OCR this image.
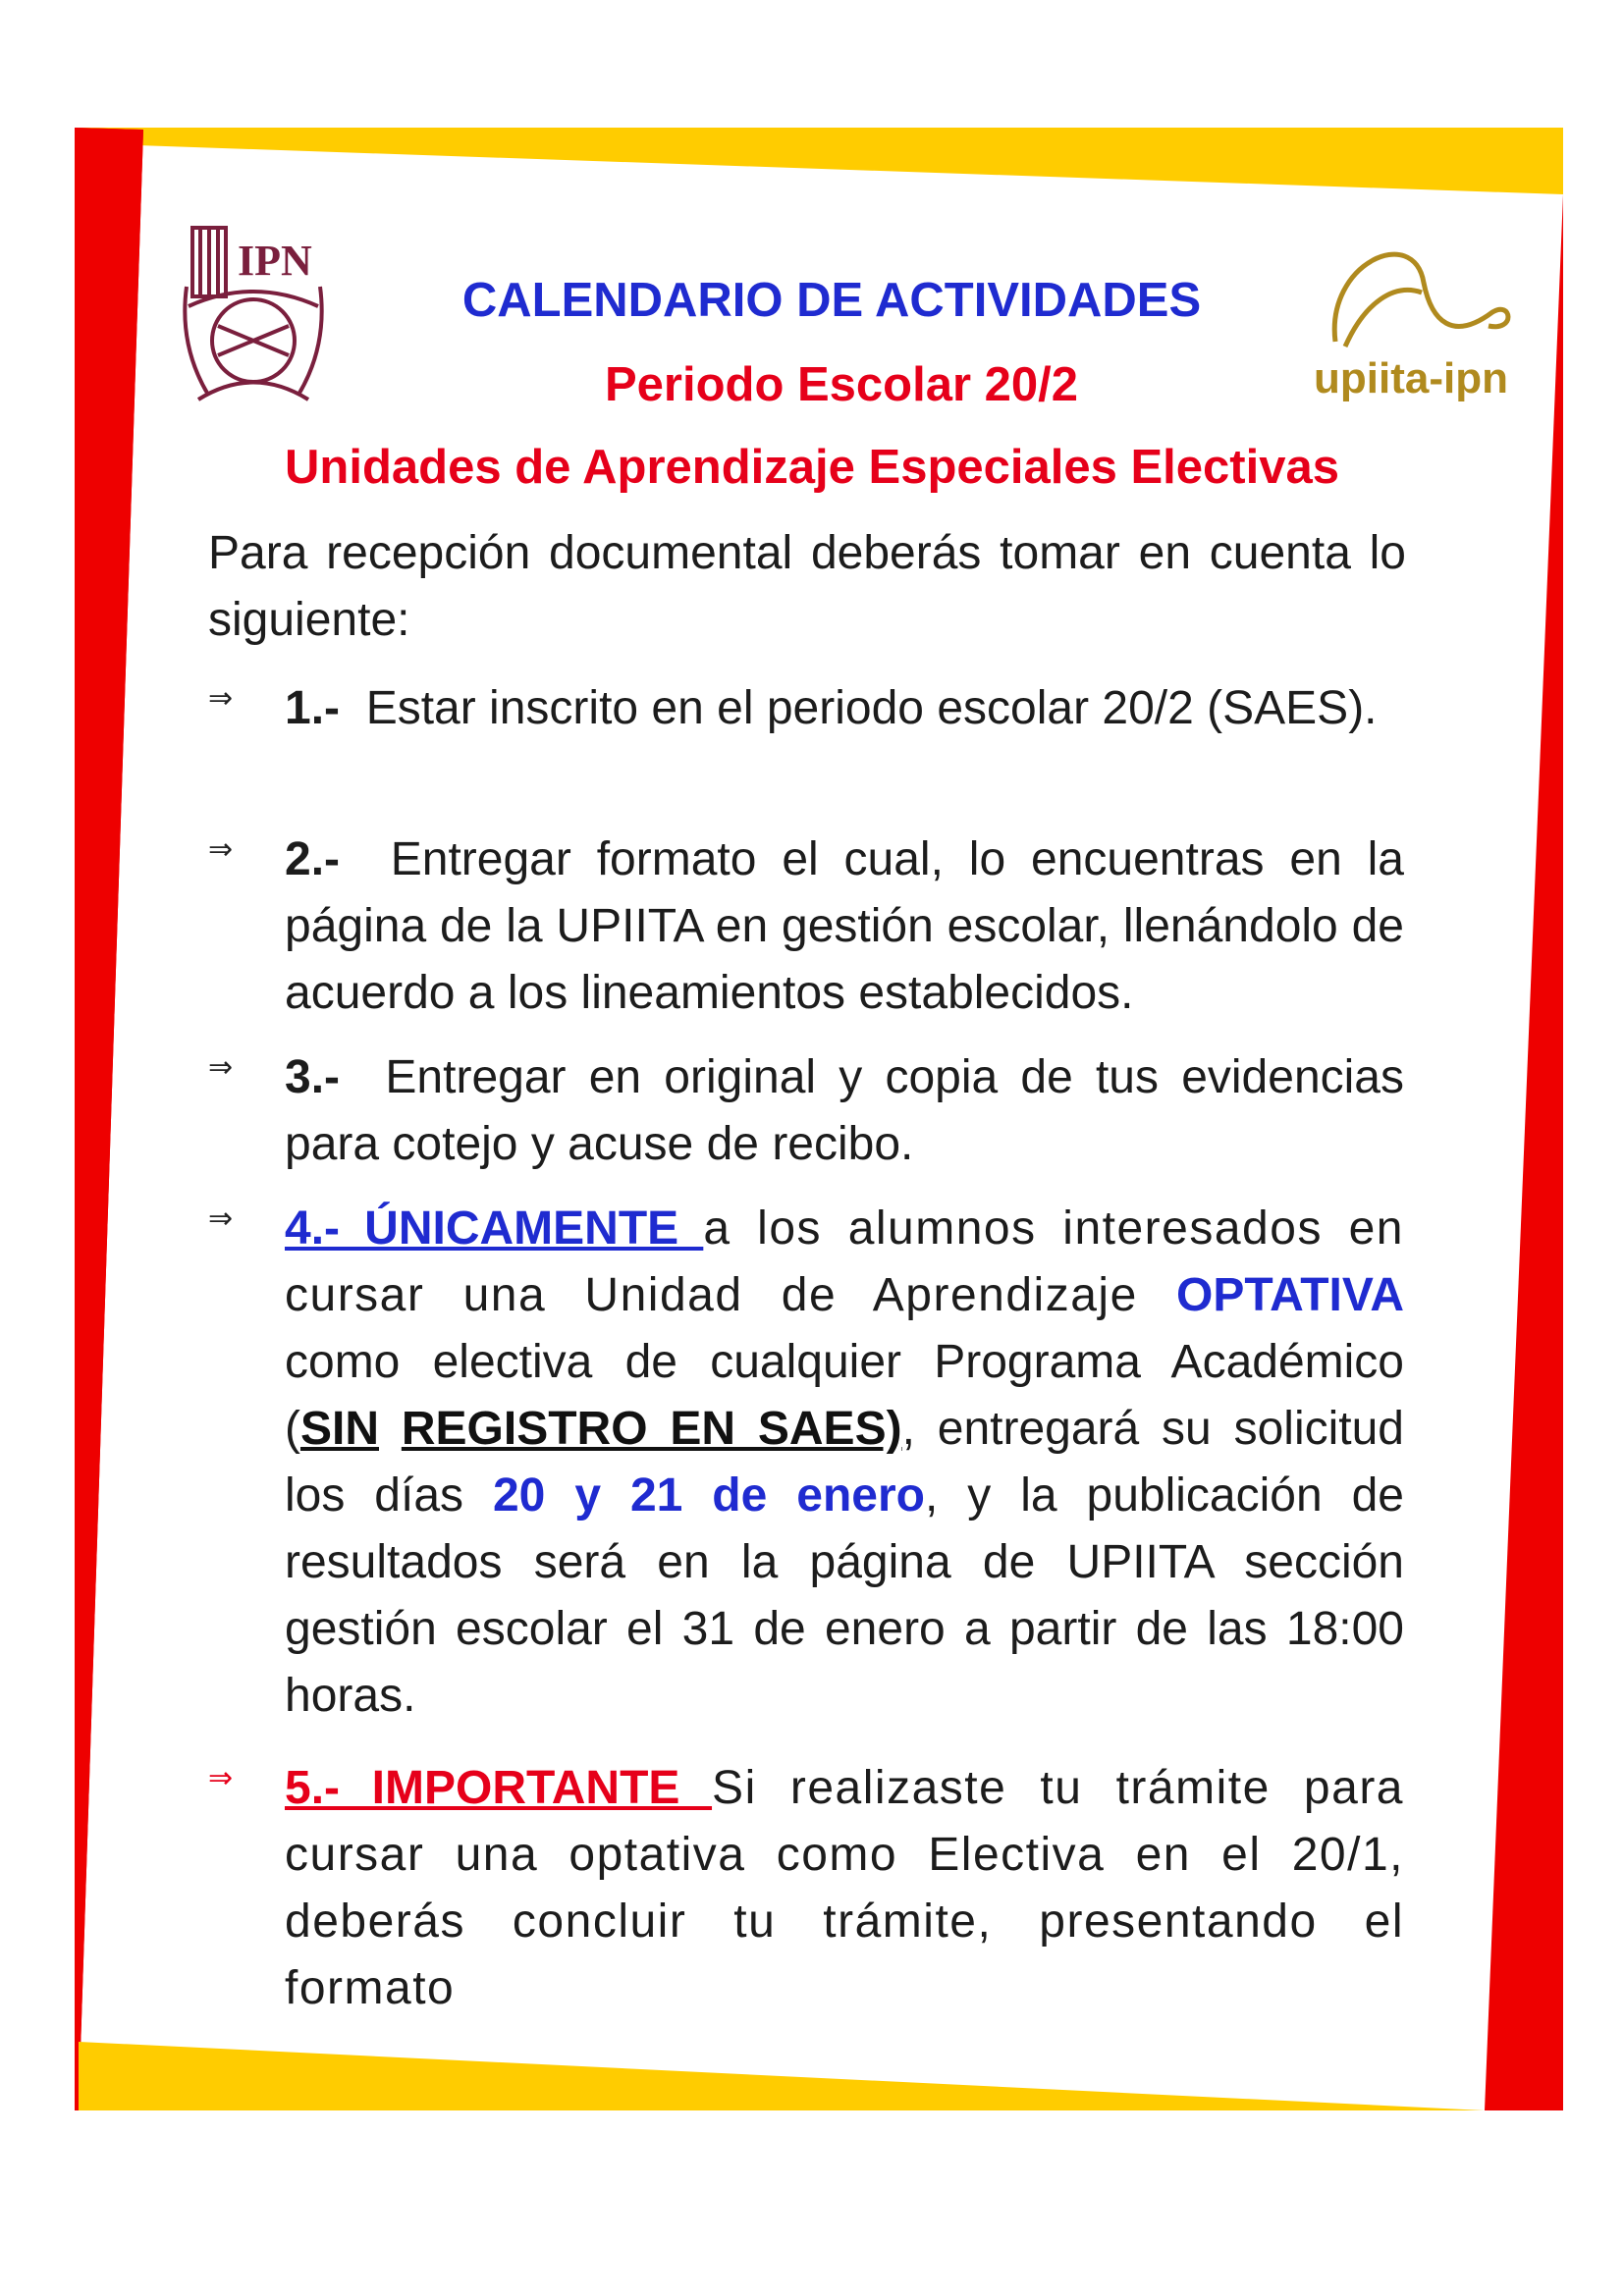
IPN
upiita-ipn
CALENDARIO DE ACTIVIDADES
Periodo Escolar 20/2
Unidades de Aprendizaje Especiales Electivas
Para recepción documental deberás tomar en cuenta lo siguiente:
⇒	1.- Estar inscrito en el periodo escolar 20/2 (SAES).
⇒	2.- Entregar formato el cual, lo encuentras en la página de la UPIITA en gestión escolar, llenándolo de acuerdo a los lineamientos establecidos.
⇒	3.- Entregar en original y copia de tus evidencias para cotejo y acuse de recibo.
⇒	4.- ÚNICAMENTE a los alumnos interesados en cursar una Unidad de Aprendizaje OPTATIVA como electiva de cualquier Programa Académico (SIN REGISTRO EN SAES), entregará su solicitud los días 20 y 21 de enero, y la publicación de resultados será en la página de UPIITA sección gestión escolar el 31 de enero a partir de las 18:00 horas.
⇒	5.- IMPORTANTE Si realizaste tu trámite para cursar una optativa como Electiva en el 20/1, deberás concluir tu trámite, presentando el formato
